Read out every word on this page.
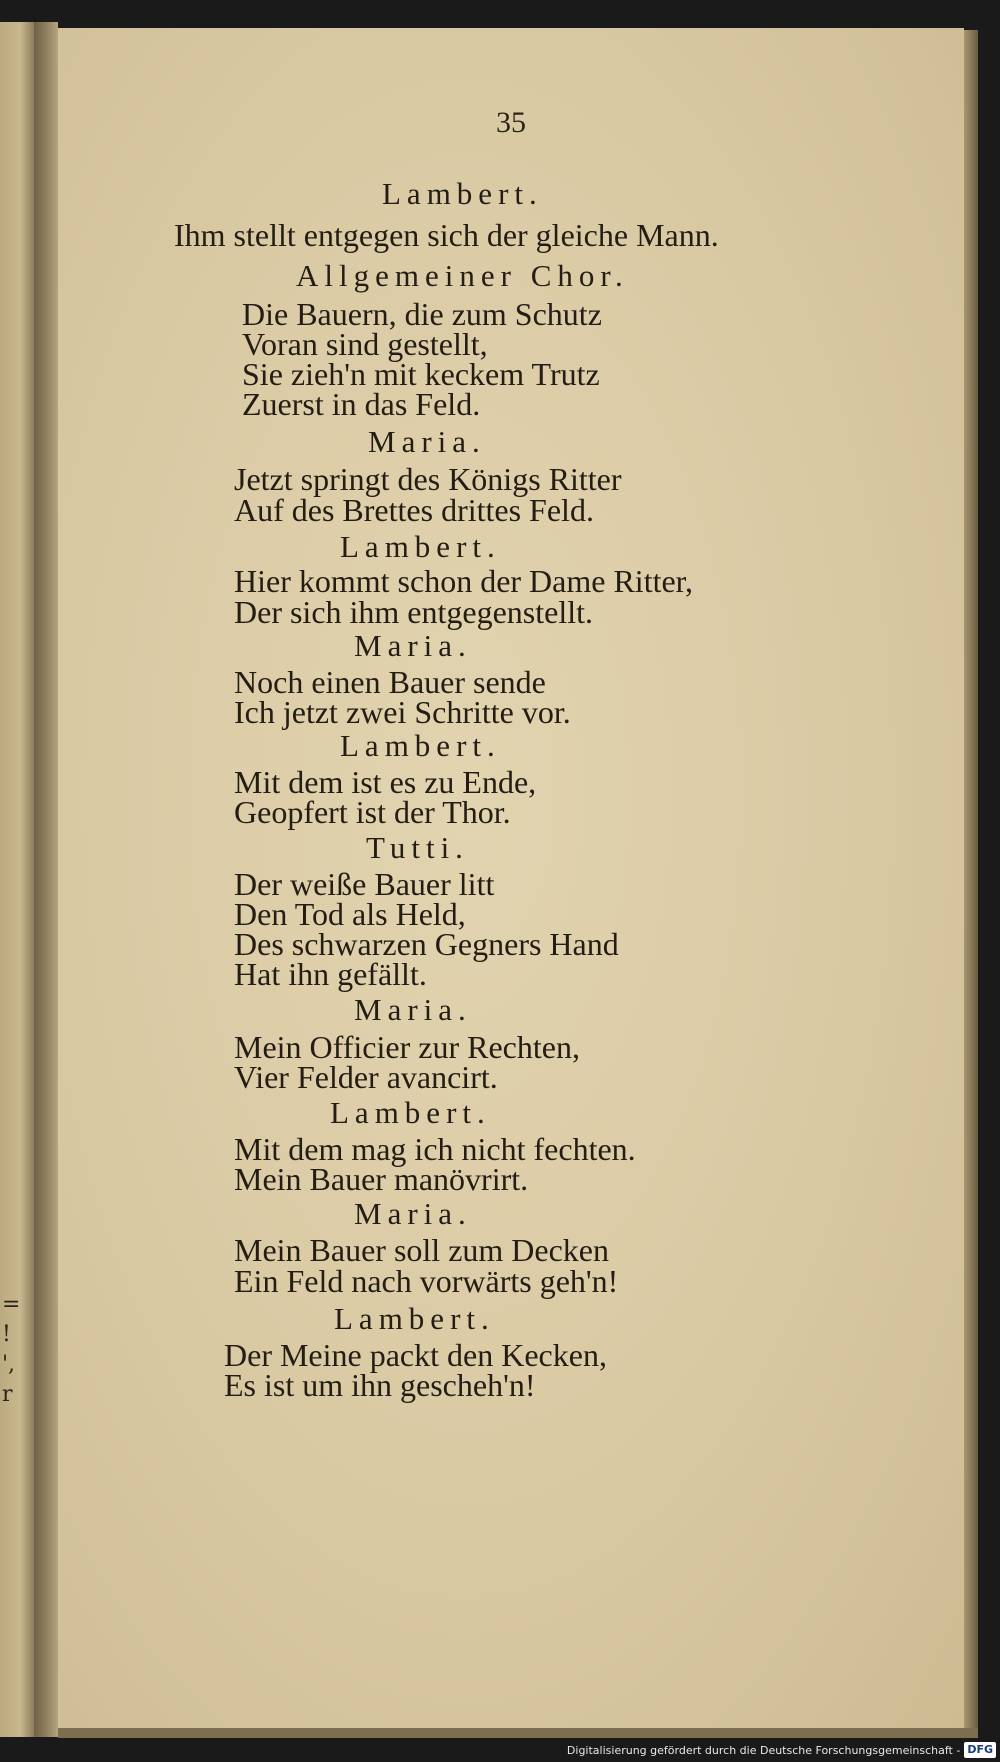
=
!
',
r
35
Lambert.
Ihm stellt entgegen sich der gleiche Mann.
Allgemeiner Chor.
Die Bauern, die zum Schutz
Voran sind gestellt,
Sie zieh'n mit keckem Trutz
Zuerst in das Feld.
Maria.
Jetzt springt des Königs Ritter
Auf des Brettes drittes Feld.
Lambert.
Hier kommt schon der Dame Ritter,
Der sich ihm entgegenstellt.
Maria.
Noch einen Bauer sende
Ich jetzt zwei Schritte vor.
Lambert.
Mit dem ist es zu Ende,
Geopfert ist der Thor.
Tutti.
Der weiße Bauer litt
Den Tod als Held,
Des schwarzen Gegners Hand
Hat ihn gefällt.
Maria.
Mein Officier zur Rechten,
Vier Felder avancirt.
Lambert.
Mit dem mag ich nicht fechten.
Mein Bauer manövrirt.
Maria.
Mein Bauer soll zum Decken
Ein Feld nach vorwärts geh'n!
Lambert.
Der Meine packt den Kecken,
Es ist um ihn gescheh'n!
Digitalisierung gefördert durch die Deutsche Forschungsgemeinschaft - DFG
